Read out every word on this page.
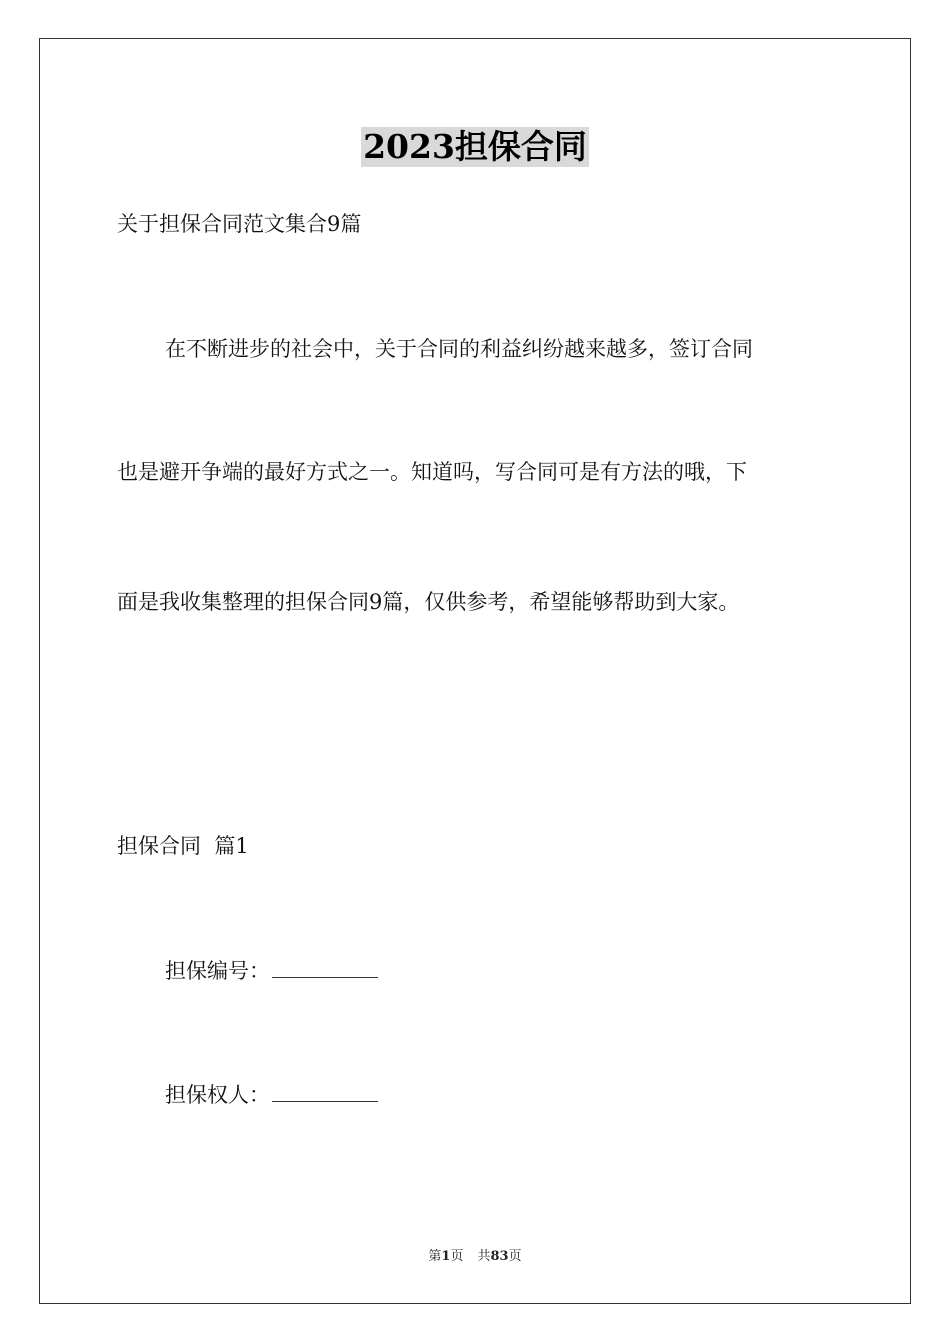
2023担保合同
关于担保合同范文集合9篇
在不断进步的社会中，关于合同的利益纠纷越来越多，签订合同
也是避开争端的最好方式之一。知道吗，写合同可是有方法的哦，下
面是我收集整理的担保合同9篇，仅供参考，希望能够帮助到大家。
担保合同  篇1
担保编号：
担保权人：
第1页 共83页
